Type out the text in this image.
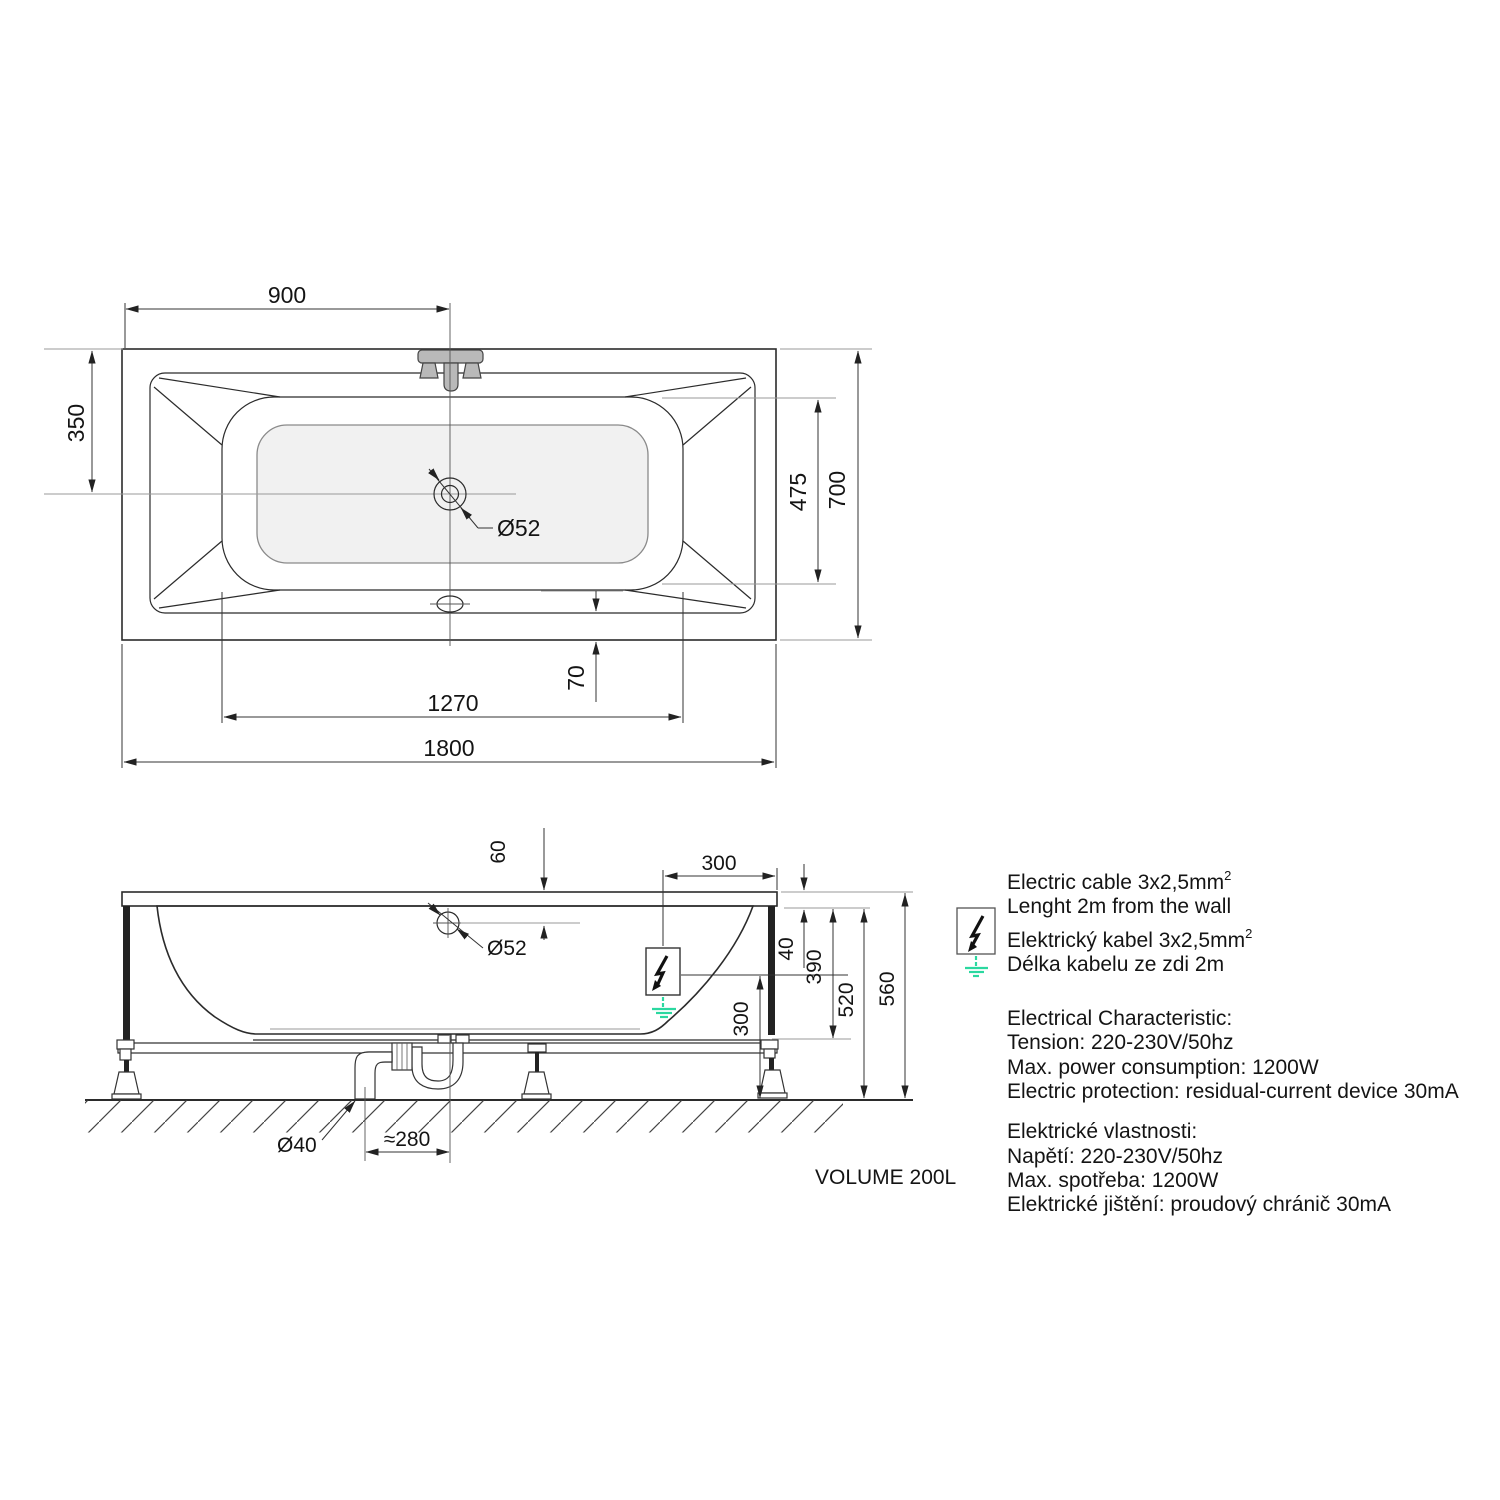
900
350
475 700
70
1270
1800
Ø52
Ø52
60	300
40
390
520 560
300
≈280
Ø40
Electric cable $3x2,5mm^2$
Lenght 2m from the wall
Elektrický kabel $3x2,5mm^2$
Délka kabelu ze zdi 2m
Electrical Characteristic:
Tension: 220-230V/50hz
Max. power consumption: 1200W
Electric protection: residual-current device 30mA
Elektrické vlastnosti:
Napětí: 220-230V/50hz
Max. spotřeba: 1200W
Elektrické jištění: proudový chránič 30mA
VOLUME 200L
